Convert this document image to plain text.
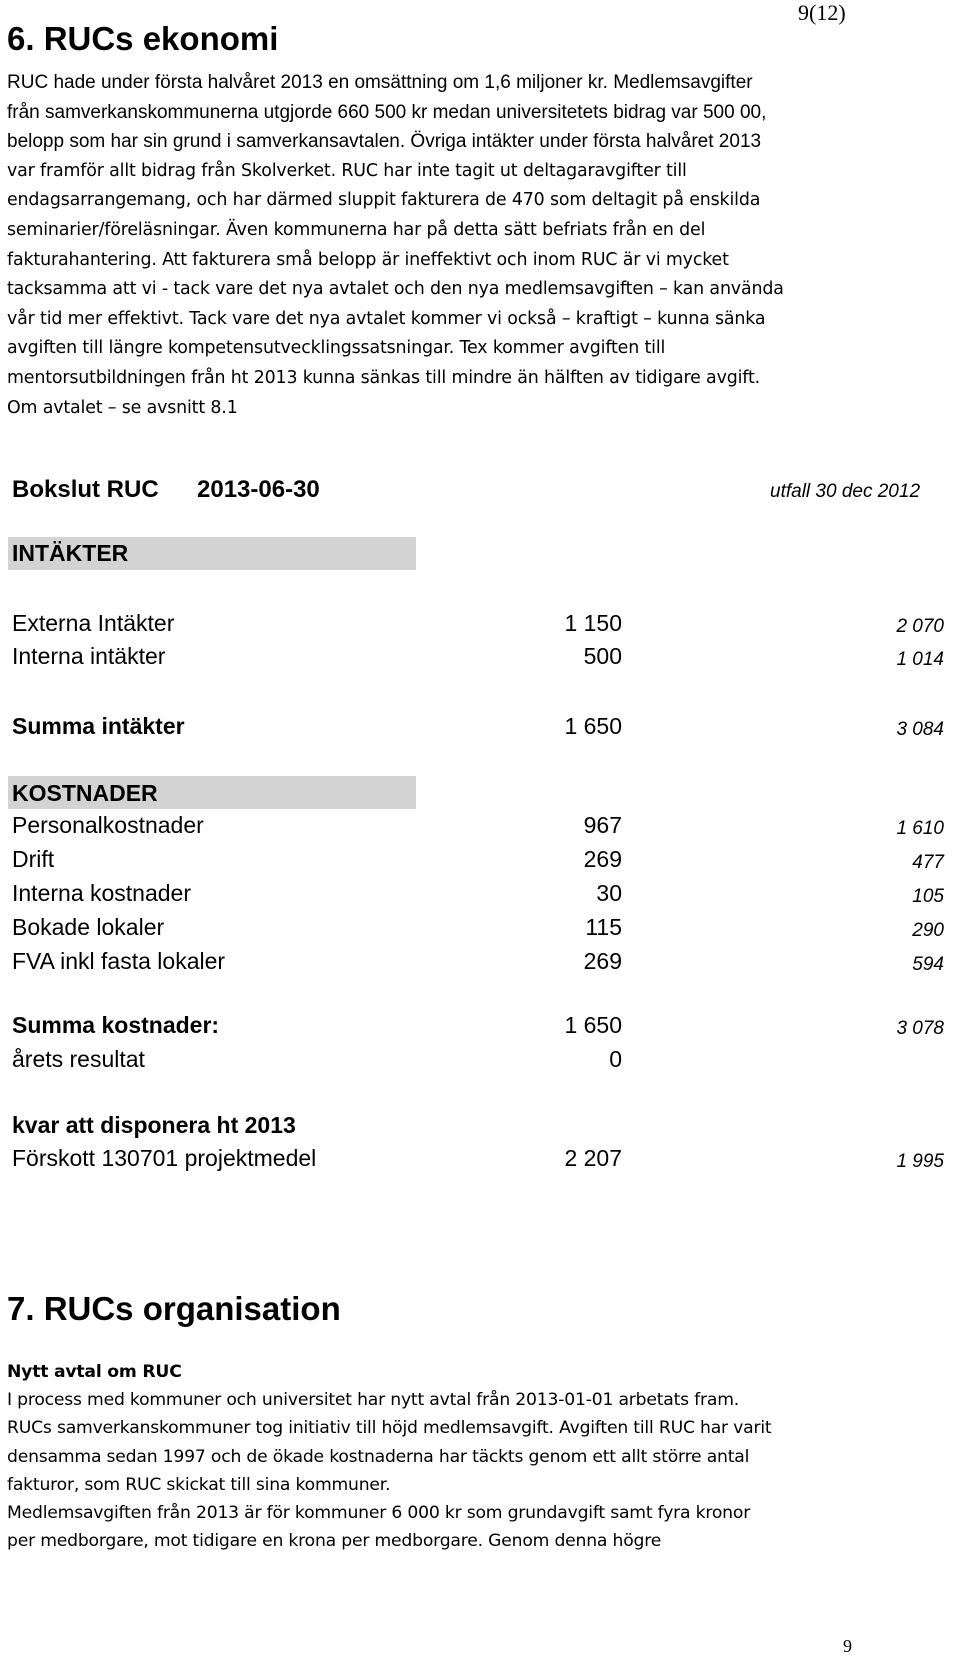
9(12)
6. RUCs ekonomi
RUC hade under första halvåret 2013 en omsättning om 1,6 miljoner kr. Medlemsavgifter
från samverkanskommunerna utgjorde 660 500 kr medan universitetets bidrag var 500 00,
belopp som har sin grund i samverkansavtalen. Övriga intäkter under första halvåret 2013
var framför allt bidrag från Skolverket. RUC har inte tagit ut deltagaravgifter till
endagsarrangemang, och har därmed sluppit fakturera de 470 som deltagit på enskilda
seminarier/föreläsningar. Även kommunerna har på detta sätt befriats från en del
fakturahantering. Att fakturera små belopp är ineffektivt och inom RUC är vi mycket
tacksamma att vi - tack vare det nya avtalet och den nya medlemsavgiften – kan använda
vår tid mer effektivt. Tack vare det nya avtalet kommer vi också – kraftigt – kunna sänka
avgiften till längre kompetensutvecklingssatsningar. Tex kommer avgiften till
mentorsutbildningen från ht 2013 kunna sänkas till mindre än hälften av tidigare avgift.
Om avtalet – se avsnitt 8.1
Bokslut RUC 2013-06-30	utfall 30 dec 2012
INTÄKTER
Externa Intäkter	1 150	2 070
Interna intäkter	500	1 014
Summa intäkter	1 650	3 084
KOSTNADER
Personalkostnader	967	1 610
Drift	269	477
Interna kostnader	30	105
Bokade lokaler	115	290
FVA inkl fasta lokaler	269	594
Summa kostnader:	1 650	3 078
årets resultat	0
kvar att disponera ht 2013
Förskott 130701 projektmedel	2 207	1 995
7. RUCs organisation
Nytt avtal om RUC
I process med kommuner och universitet har nytt avtal från 2013-01-01 arbetats fram.
RUCs samverkanskommuner tog initiativ till höjd medlemsavgift. Avgiften till RUC har varit
densamma sedan 1997 och de ökade kostnaderna har täckts genom ett allt större antal
fakturor, som RUC skickat till sina kommuner.
Medlemsavgiften från 2013 är för kommuner 6 000 kr som grundavgift samt fyra kronor
per medborgare, mot tidigare en krona per medborgare. Genom denna högre
9
